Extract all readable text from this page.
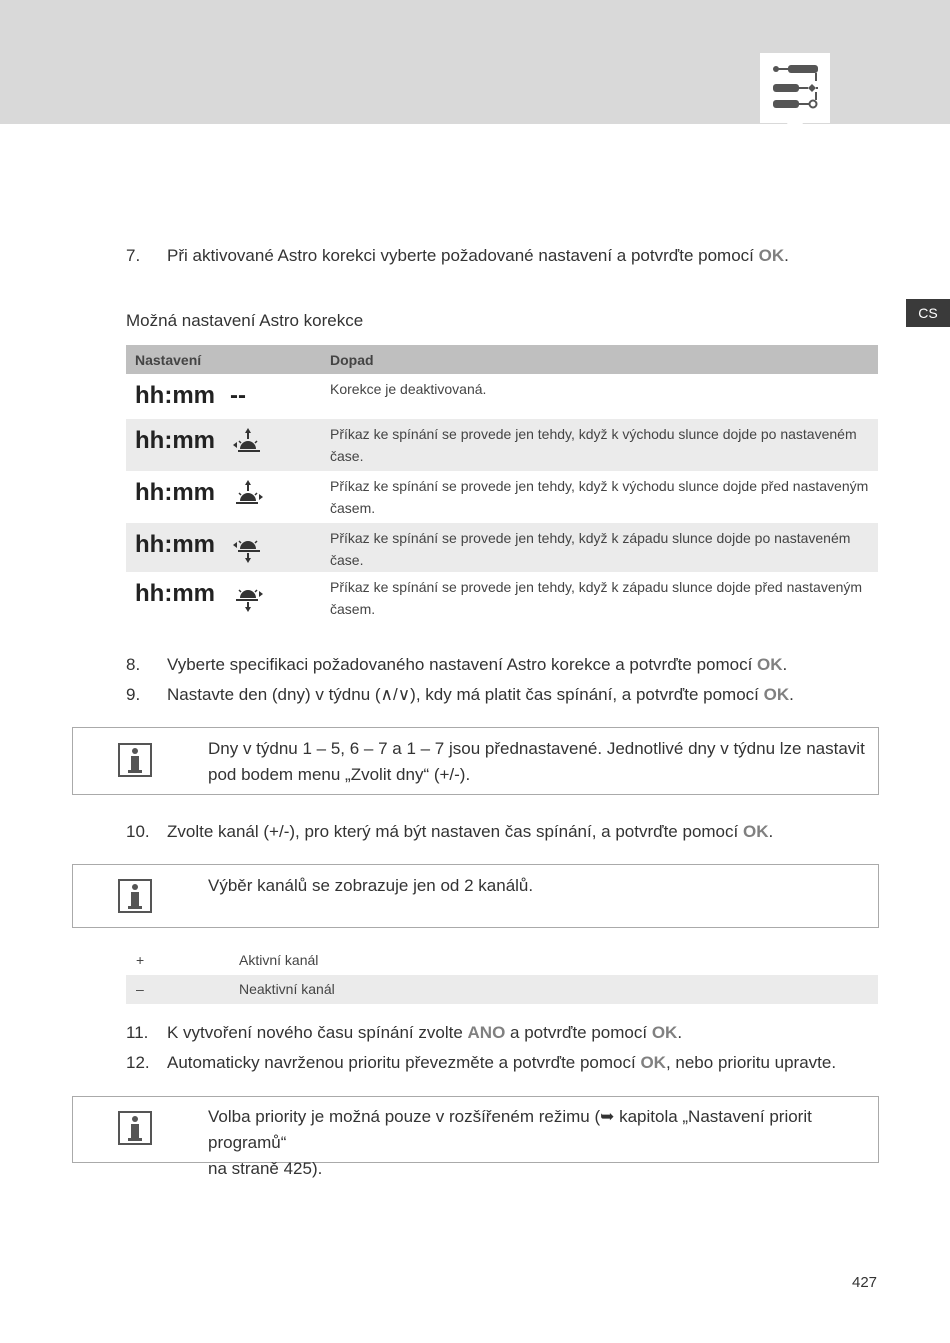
CS
7. Při aktivované Astro korekci vyberte požadované nastavení a potvrďte pomocí OK.
Možná nastavení Astro korekce
Nastavení	Dopad
hh:mm --	Korekce je deaktivovaná.
hh:mm	Příkaz ke spínání se provede jen tehdy, když k východu slunce dojde po nastaveném čase.
hh:mm	Příkaz ke spínání se provede jen tehdy, když k východu slunce dojde před nastaveným časem.
hh:mm	Příkaz ke spínání se provede jen tehdy, když k západu slunce dojde po nastaveném čase.
hh:mm	Příkaz ke spínání se provede jen tehdy, když k západu slunce dojde před nastaveným časem.
8. Vyberte specifikaci požadovaného nastavení Astro korekce a potvrďte pomocí OK.
9. Nastavte den (dny) v týdnu (∧/∨), kdy má platit čas spínání, a potvrďte pomocí OK.
Dny v týdnu 1 – 5, 6 – 7 a 1 – 7 jsou přednastavené. Jednotlivé dny v týdnu lze nastavit pod bodem menu „Zvolit dny“ (+/-).
10. Zvolte kanál (+/-), pro který má být nastaven čas spínání, a potvrďte pomocí OK.
Výběr kanálů se zobrazuje jen od 2 kanálů.
+	Aktivní kanál
–	Neaktivní kanál
11. K vytvoření nového času spínání zvolte ANO a potvrďte pomocí OK.
12. Automaticky navrženou prioritu převezměte a potvrďte pomocí OK, nebo prioritu upravte.
Volba priority je možná pouze v rozšířeném režimu (➥ kapitola „Nastavení priorit programů“
na straně 425).
427
